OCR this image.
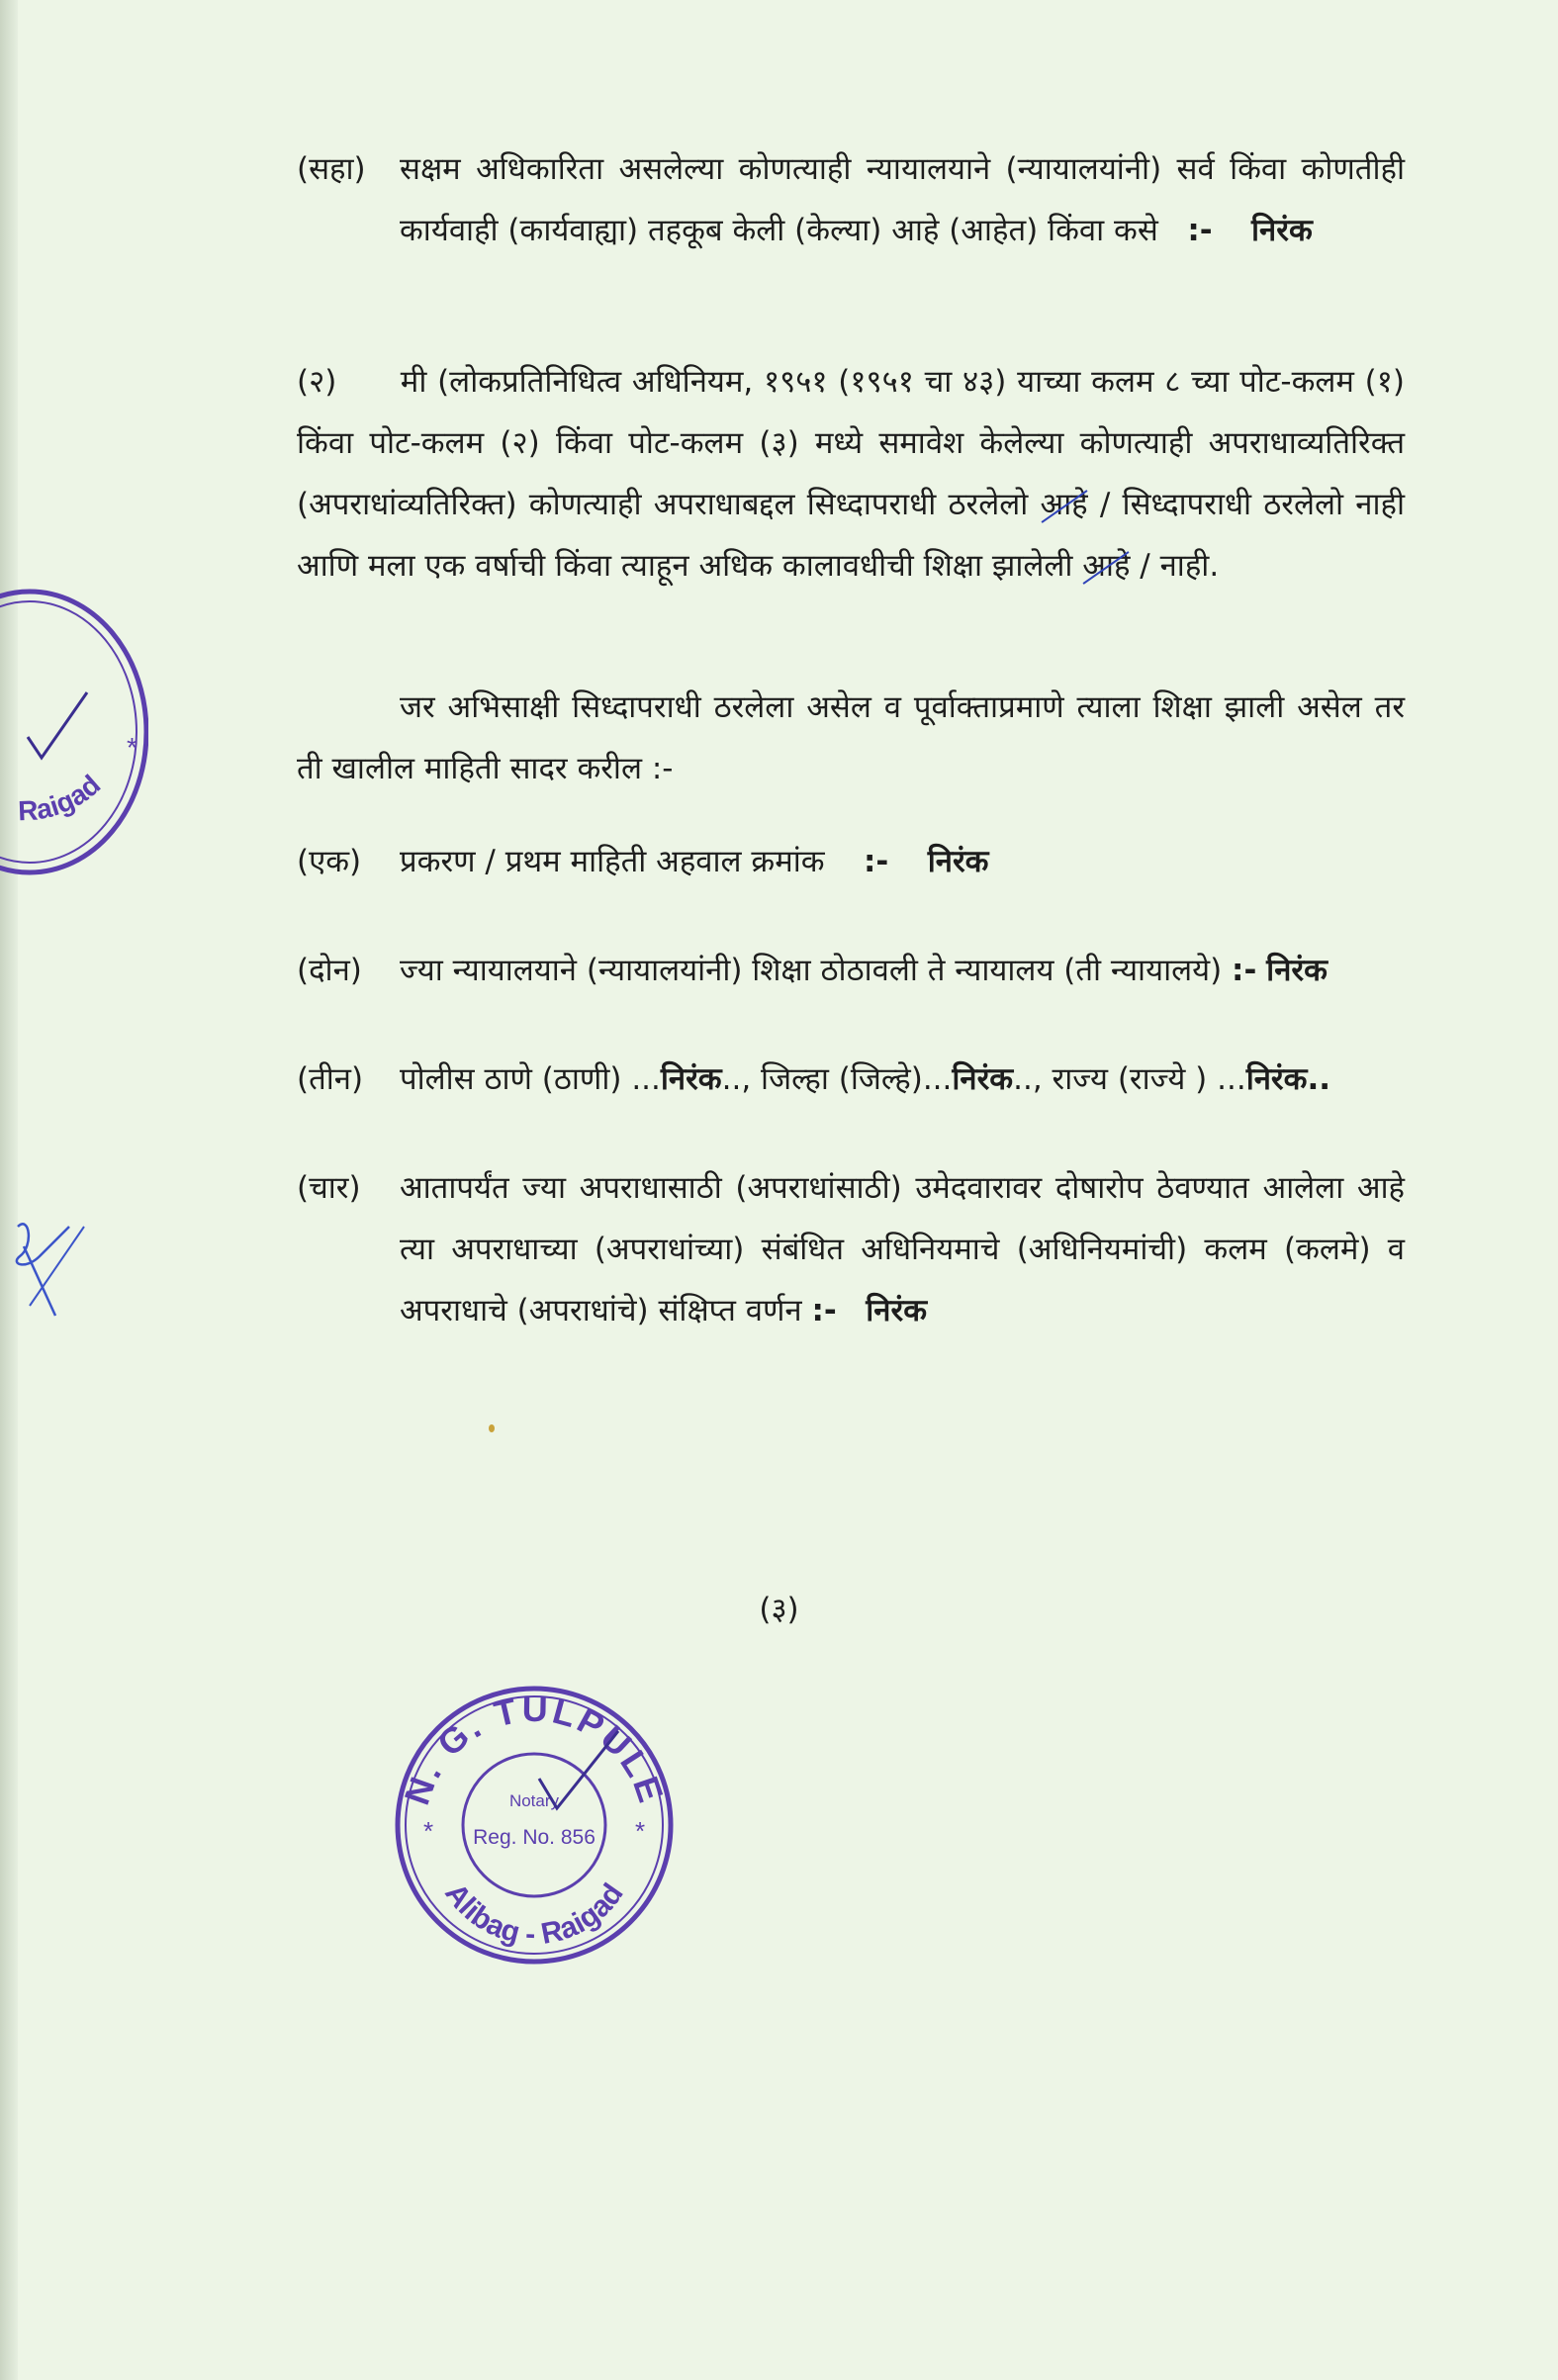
(सहा)	सक्षम अधिकारिता असलेल्या कोणत्याही न्यायालयाने (न्यायालयांनी) सर्व किंवा कोणतीही कार्यवाही (कार्यवाह्या) तहकूब केली (केल्या) आहे (आहेत) किंवा कसे :- निरंक
(२) मी (लोकप्रतिनिधित्व अधिनियम, १९५१ (१९५१ चा ४३) याच्या कलम ८ च्या पोट-कलम (१) किंवा पोट-कलम (२) किंवा पोट-कलम (३) मध्ये समावेश केलेल्या कोणत्याही अपराधाव्यतिरिक्त (अपराधांव्यतिरिक्त) कोणत्याही अपराधाबद्दल सिध्दापराधी ठरलेलो आहे / सिध्दापराधी ठरलेलो नाही आणि मला एक वर्षाची किंवा त्याहून अधिक कालावधीची शिक्षा झालेली आहे / नाही.
जर अभिसाक्षी सिध्दापराधी ठरलेला असेल व पूर्वाक्ताप्रमाणे त्याला शिक्षा झाली असेल तर ती खालील माहिती सादर करील :-
(एक)	प्रकरण / प्रथम माहिती अहवाल क्रमांक :- निरंक
(दोन)	ज्या न्यायालयाने (न्यायालयांनी) शिक्षा ठोठावली ते न्यायालय (ती न्यायालये) :- निरंक
(तीन)	पोलीस ठाणे (ठाणी) ...निरंक.., जिल्हा (जिल्हे)...निरंक.., राज्य (राज्ये ) ...निरंक..
(चार)	आतापर्यंत ज्या अपराधासाठी (अपराधांसाठी) उमेदवारावर दोषारोप ठेवण्यात आलेला आहे त्या अपराधाच्या (अपराधांच्या) संबंधित अधिनियमाचे (अधिनियमांची) कलम (कलमे) व अपराधाचे (अपराधांचे) संक्षिप्त वर्णन :- निरंक
(३)
N. G. TULPULE
Alibag - Raigad
Notary
Reg. No. 856
*	*
Raigad
*
